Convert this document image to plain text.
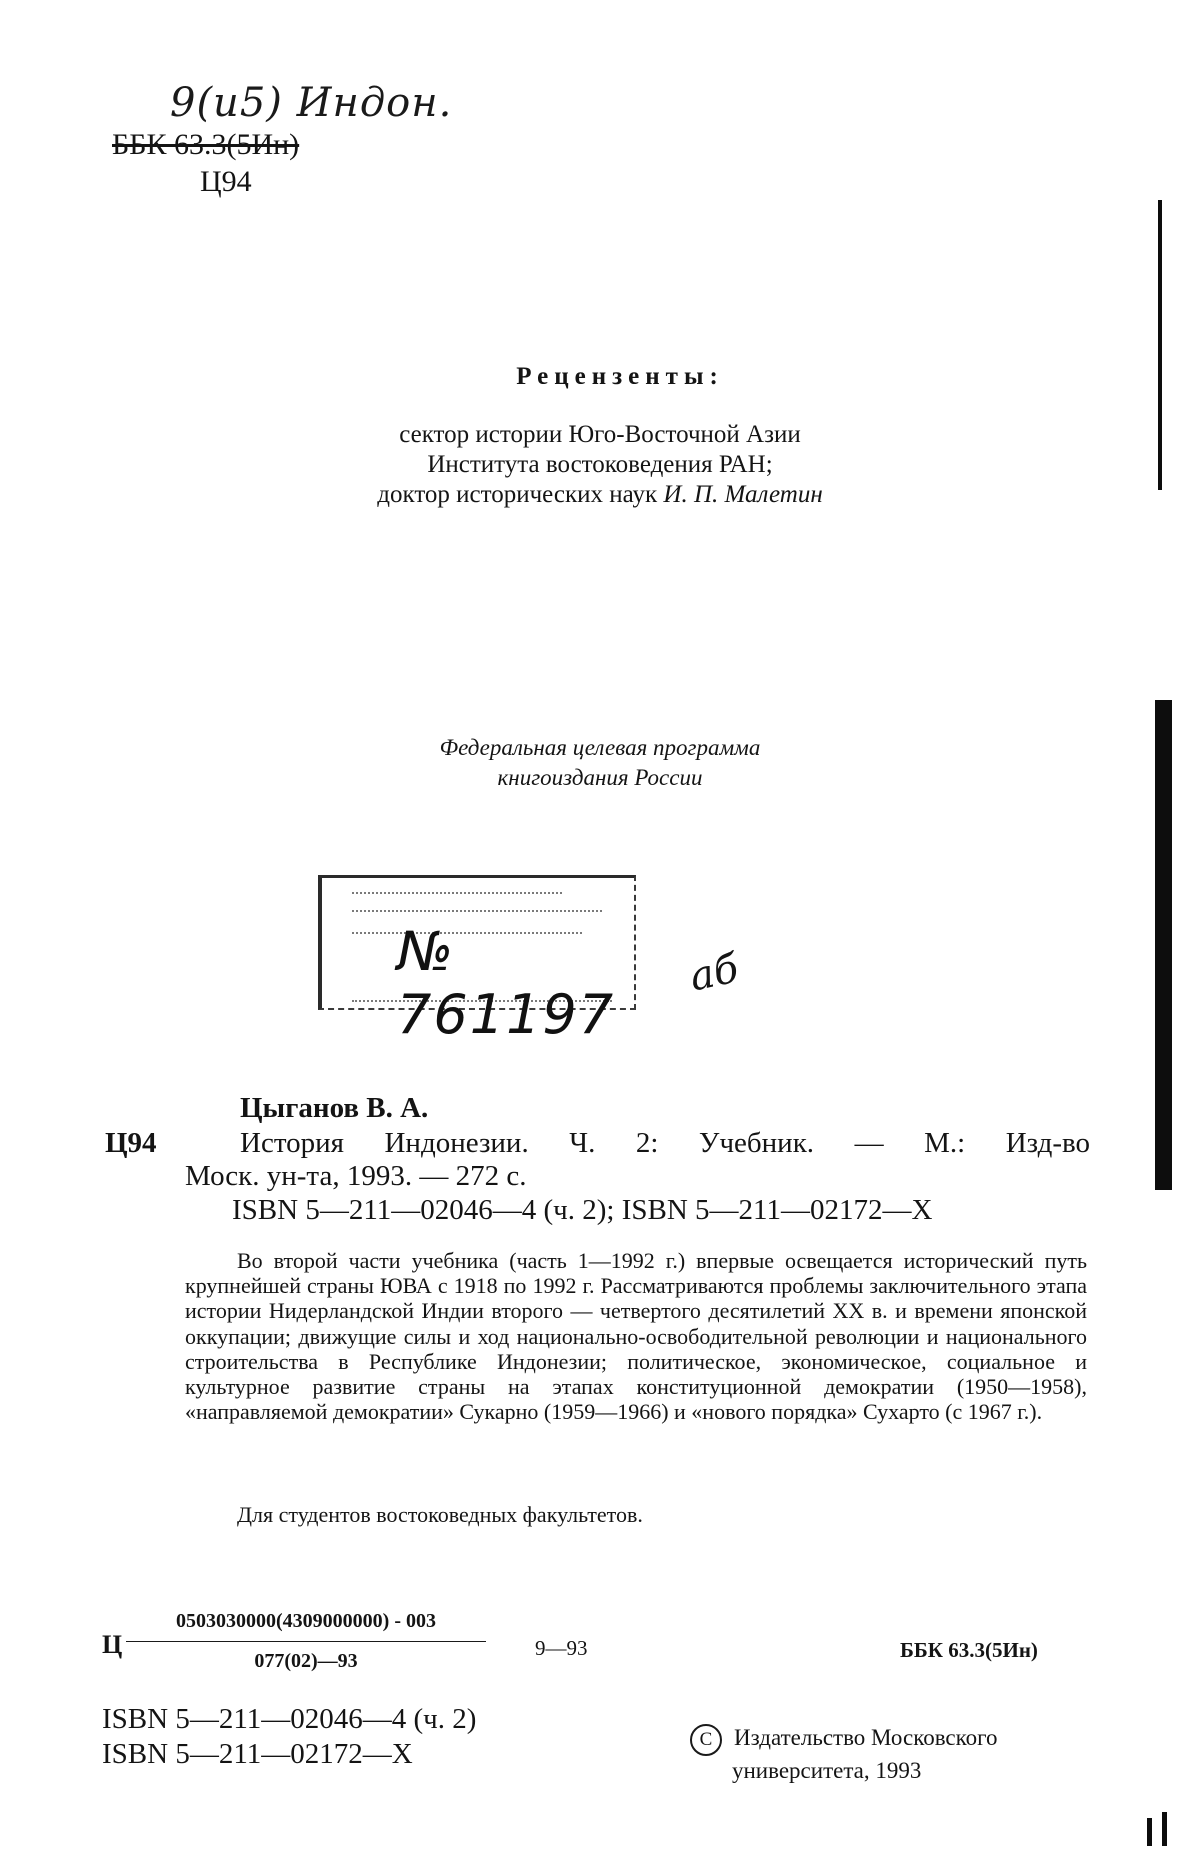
9(и5) Индон.
ББК 63.3(5Ин)
Ц94
Рецензенты:
сектор истории Юго-Восточной Азии
Института востоковедения РАН;
доктор исторических наук И. П. Малетин
Федеральная целевая программа
книгоиздания России
№ 761197
аб
Цыганов В. А.
Ц94	История Индонезии. Ч. 2: Учебник. — М.: Изд-во
Моск. ун-та, 1993. — 272 с.
ISBN 5—211—02046—4 (ч. 2); ISBN 5—211—02172—X
Во второй части учебника (часть 1—1992 г.) впервые освещается исторический путь крупнейшей страны ЮВА с 1918 по 1992 г. Рассматриваются проблемы заключительного этапа истории Нидерландской Индии второго — четвертого десятилетий XX в. и времени японской оккупации; движущие силы и ход национально-освободительной революции и национального строительства в Республике Индонезии; политическое, экономическое, социальное и культурное развитие страны на этапах конституционной демократии (1950—1958), «направляемой демократии» Сукарно (1959—1966) и «нового порядка» Сухарто (с 1967 г.).
Для студентов востоковедных факультетов.
Ц $\frac{0503030000(4309000000) - 003}{077(02)—93}$ 9—93	ББК 63.3(5Ин)
ISBN 5—211—02046—4 (ч. 2)
ISBN 5—211—02172—X	C Издательство Московского
университета, 1993
